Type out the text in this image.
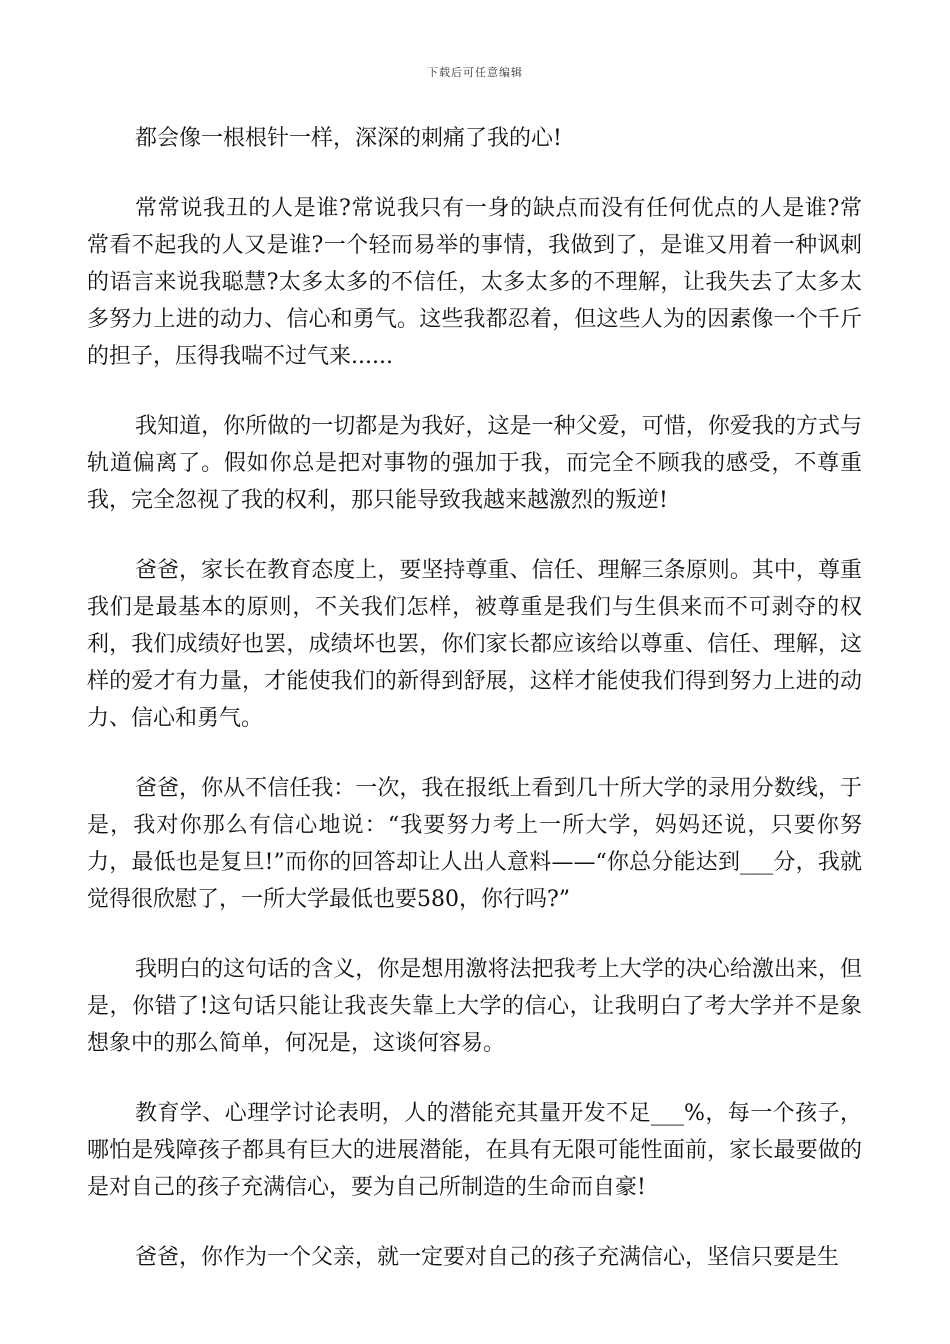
下载后可任意编辑

都会像一根根针一样，深深的刺痛了我的心!

常常说我丑的人是谁?常说我只有一身的缺点而没有任何优点的人是谁?常常看不起我的人又是谁?一个轻而易举的事情，我做到了，是谁又用着一种讽刺的语言来说我聪慧?太多太多的不信任，太多太多的不理解，让我失去了太多太多努力上进的动力、信心和勇气。这些我都忍着，但这些人为的因素像一个千斤的担子，压得我喘不过气来......

我知道，你所做的一切都是为我好，这是一种父爱，可惜，你爱我的方式与轨道偏离了。假如你总是把对事物的强加于我，而完全不顾我的感受，不尊重我，完全忽视了我的权利，那只能导致我越来越激烈的叛逆!

爸爸，家长在教育态度上，要坚持尊重、信任、理解三条原则。其中，尊重我们是最基本的原则，不关我们怎样，被尊重是我们与生俱来而不可剥夺的权利，我们成绩好也罢，成绩坏也罢，你们家长都应该给以尊重、信任、理解，这样的爱才有力量，才能使我们的新得到舒展，这样才能使我们得到努力上进的动力、信心和勇气。

爸爸，你从不信任我：一次，我在报纸上看到几十所大学的录用分数线，于是，我对你那么有信心地说：“我要努力考上一所大学，妈妈还说，只要你努力，最低也是复旦!”而你的回答却让人出人意料——“你总分能达到___分，我就觉得很欣慰了，一所大学最低也要580，你行吗?”

我明白的这句话的含义，你是想用激将法把我考上大学的决心给激出来，但是，你错了!这句话只能让我丧失靠上大学的信心，让我明白了考大学并不是象想象中的那么简单，何况是，这谈何容易。

教育学、心理学讨论表明，人的潜能充其量开发不足___%，每一个孩子，哪怕是残障孩子都具有巨大的进展潜能，在具有无限可能性面前，家长最要做的是对自己的孩子充满信心，要为自己所制造的生命而自豪!

爸爸，你作为一个父亲，就一定要对自己的孩子充满信心，坚信只要是生
